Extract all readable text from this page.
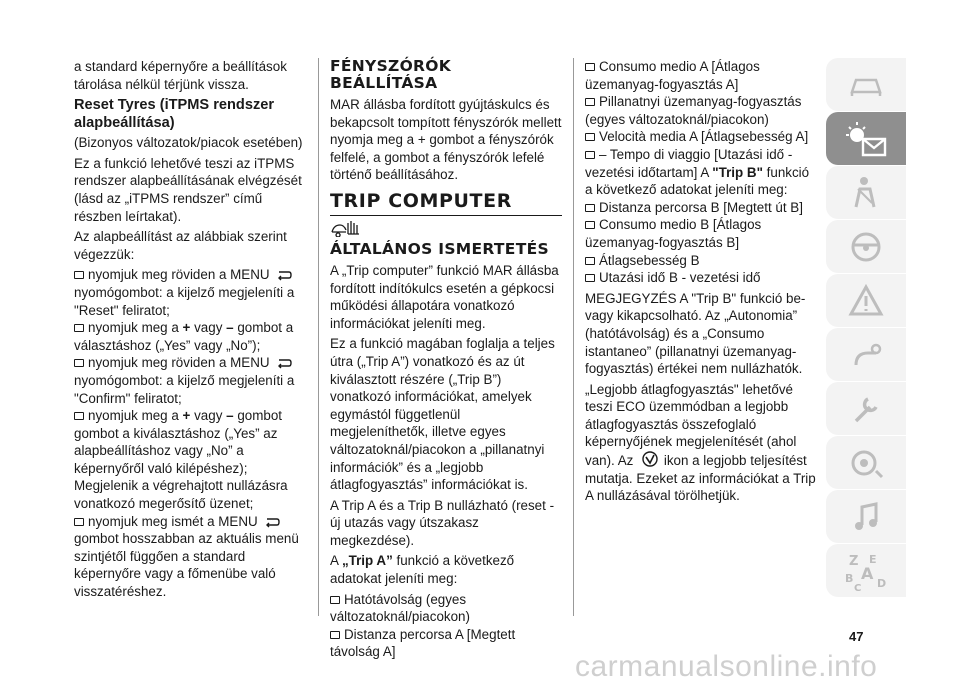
a standard képernyőre a beállítások tárolása nélkül térjünk vissza.

Reset Tyres (iTPMS rendszer alapbeállítása)

(Bizonyos változatok/piacok esetében)

Ez a funkció lehetővé teszi az iTPMS rendszer alapbeállításának elvégzését (lásd az „iTPMS rendszer” című részben leírtakat).

Az alapbeállítást az alábbiak szerint végezzük:

nyomjuk meg röviden a MENU  nyomógombot: a kijelző megjeleníti a "Reset" feliratot;

nyomjuk meg a + vagy – gombot a választáshoz („Yes” vagy „No”);

nyomjuk meg röviden a MENU  nyomógombot: a kijelző megjeleníti a "Confirm" feliratot;

nyomjuk meg a + vagy – gombot

gombot a kiválasztáshoz („Yes” az alapbeállításhoz vagy „No” a képernyőről való kilépéshez);

Megjelenik a végrehajtott nullázásra vonatkozó megerősítő üzenet;

nyomjuk meg ismét a MENU  gombot hosszabban az aktuális menü szintjétől függően a standard képernyőre vagy a főmenübe való visszatéréshez.

FÉNYSZÓRÓK BEÁLLÍTÁSA

MAR állásba fordított gyújtáskulcs és bekapcsolt tompított fényszórók mellett nyomja meg a + gombot a fényszórók felfelé, a gombot a fényszórók lefelé történő beállításához.

TRIP COMPUTER
ÁLTALÁNOS ISMERTETÉS

A „Trip computer” funkció MAR állásba fordított indítókulcs esetén a gépkocsi működési állapotára vonatkozó információkat jeleníti meg.

Ez a funkció magában foglalja a teljes útra („Trip A”) vonatkozó és az út kiválasztott részére („Trip B”) vonatkozó információkat, amelyek egymástól függetlenül megjeleníthetők, illetve egyes változatoknál/piacokon a „pillanatnyi információk” és a „legjobb átlagfogyasztás” információkat is.

A Trip A és a Trip B nullázható (reset - új utazás vagy útszakasz megkezdése).

A „Trip A” funkció a következő adatokat jeleníti meg:

Hatótávolság (egyes változatoknál/piacokon)

Distanza percorsa A [Megtett távolság A]

Consumo medio A [Átlagos üzemanyag-fogyasztás A]

Pillanatnyi üzemanyag-fogyasztás (egyes változatoknál/piacokon)

Velocità media A [Átlagsebesség A]

– Tempo di viaggio [Utazási idő - vezetési időtartam] A "Trip B" funkció a következő adatokat jeleníti meg:

Distanza percorsa B [Megtett út B]

Consumo medio B [Átlagos üzemanyag-fogyasztás B]

Átlagsebesség B

Utazási idő B - vezetési idő

MEGJEGYZÉS A "Trip B" funkció be-vagy kikapcsolható. Az „Autonomia” (hatótávolság) és a „Consumo istantaneo” (pillanatnyi üzemanyag-fogyasztás) értékei nem nullázhatók.

„Legjobb átlagfogyasztás" lehetővé teszi ECO üzemmódban a legjobb átlagfogyasztás összefoglaló képernyőjének megjelenítését (ahol van). Az ikon a legjobb teljesítést mutatja. Ezeket az információkat a Trip A nullázásával törölhetjük.

Z E
B A
C D
47
carmanualsonline.info
